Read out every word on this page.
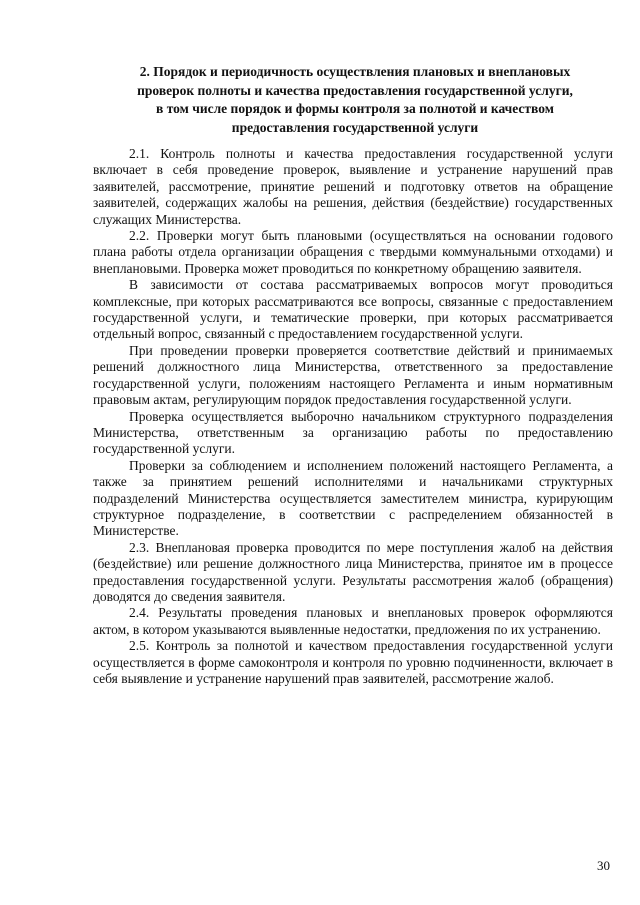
2. Порядок и периодичность осуществления плановых и внеплановых
проверок полноты и качества предоставления государственной услуги,
в том числе порядок и формы контроля за полнотой и качеством
предоставления государственной услуги

2.1. Контроль полноты и качества предоставления государственной услуги включает в себя проведение проверок, выявление и устранение нарушений прав заявителей, рассмотрение, принятие решений и подготовку ответов на обращение заявителей, содержащих жалобы на решения, действия (бездействие) государственных служащих Министерства.

2.2. Проверки могут быть плановыми (осуществляться на основании годового плана работы отдела организации обращения с твердыми коммунальными отходами) и внеплановыми. Проверка может проводиться по конкретному обращению заявителя.

В зависимости от состава рассматриваемых вопросов могут проводиться комплексные, при которых рассматриваются все вопросы, связанные с предоставлением государственной услуги, и тематические проверки, при которых рассматривается отдельный вопрос, связанный с предоставлением государственной услуги.

При проведении проверки проверяется соответствие действий и принимаемых решений должностного лица Министерства, ответственного за предоставление государственной услуги, положениям настоящего Регламента и иным нормативным правовым актам, регулирующим порядок предоставления государственной услуги.

Проверка осуществляется выборочно начальником структурного подразделения Министерства, ответственным за организацию работы по предоставлению государственной услуги.

Проверки за соблюдением и исполнением положений настоящего Регламента, а также за принятием решений исполнителями и начальниками структурных подразделений Министерства осуществляется заместителем министра, курирующим структурное подразделение, в соответствии с распределением обязанностей в Министерстве.

2.3. Внеплановая проверка проводится по мере поступления жалоб на действия (бездействие) или решение должностного лица Министерства, принятое им в процессе предоставления государственной услуги. Результаты рассмотрения жалоб (обращения) доводятся до сведения заявителя.

2.4. Результаты проведения плановых и внеплановых проверок оформляются актом, в котором указываются выявленные недостатки, предложения по их устранению.

2.5. Контроль за полнотой и качеством предоставления государственной услуги осуществляется в форме самоконтроля и контроля по уровню подчиненности, включает в себя выявление и устранение нарушений прав заявителей, рассмотрение жалоб.

30
